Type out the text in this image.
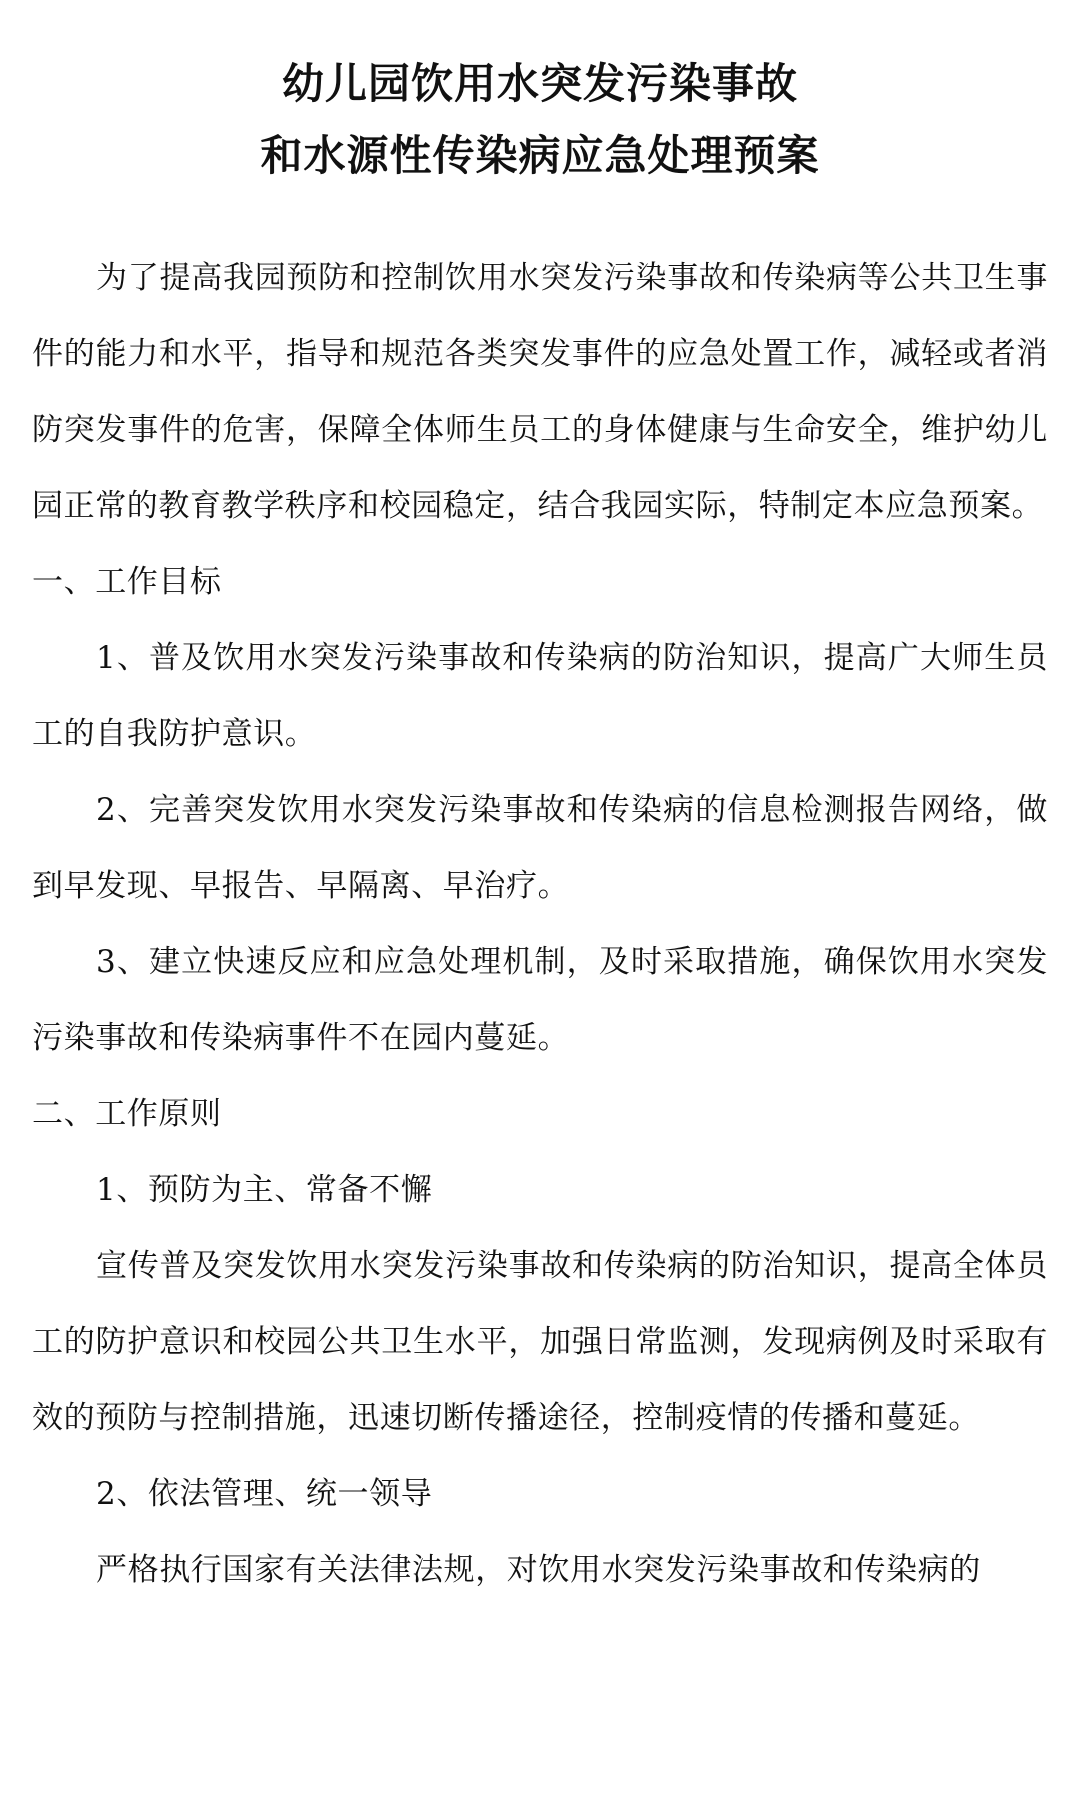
幼儿园饮用水突发污染事故
和水源性传染病应急处理预案

为了提高我园预防和控制饮用水突发污染事故和传染病等公共卫生事件的能力和水平，指导和规范各类突发事件的应急处置工作，减轻或者消防突发事件的危害，保障全体师生员工的身体健康与生命安全，维护幼儿园正常的教育教学秩序和校园稳定，结合我园实际，特制定本应急预案。

一、工作目标

1、普及饮用水突发污染事故和传染病的防治知识，提高广大师生员工的自我防护意识。

2、完善突发饮用水突发污染事故和传染病的信息检测报告网络，做到早发现、早报告、早隔离、早治疗。

3、建立快速反应和应急处理机制，及时采取措施，确保饮用水突发污染事故和传染病事件不在园内蔓延。

二、工作原则

1、预防为主、常备不懈

宣传普及突发饮用水突发污染事故和传染病的防治知识，提高全体员工的防护意识和校园公共卫生水平，加强日常监测，发现病例及时采取有效的预防与控制措施，迅速切断传播途径，控制疫情的传播和蔓延。

2、依法管理、统一领导

严格执行国家有关法律法规，对饮用水突发污染事故和传染病的
